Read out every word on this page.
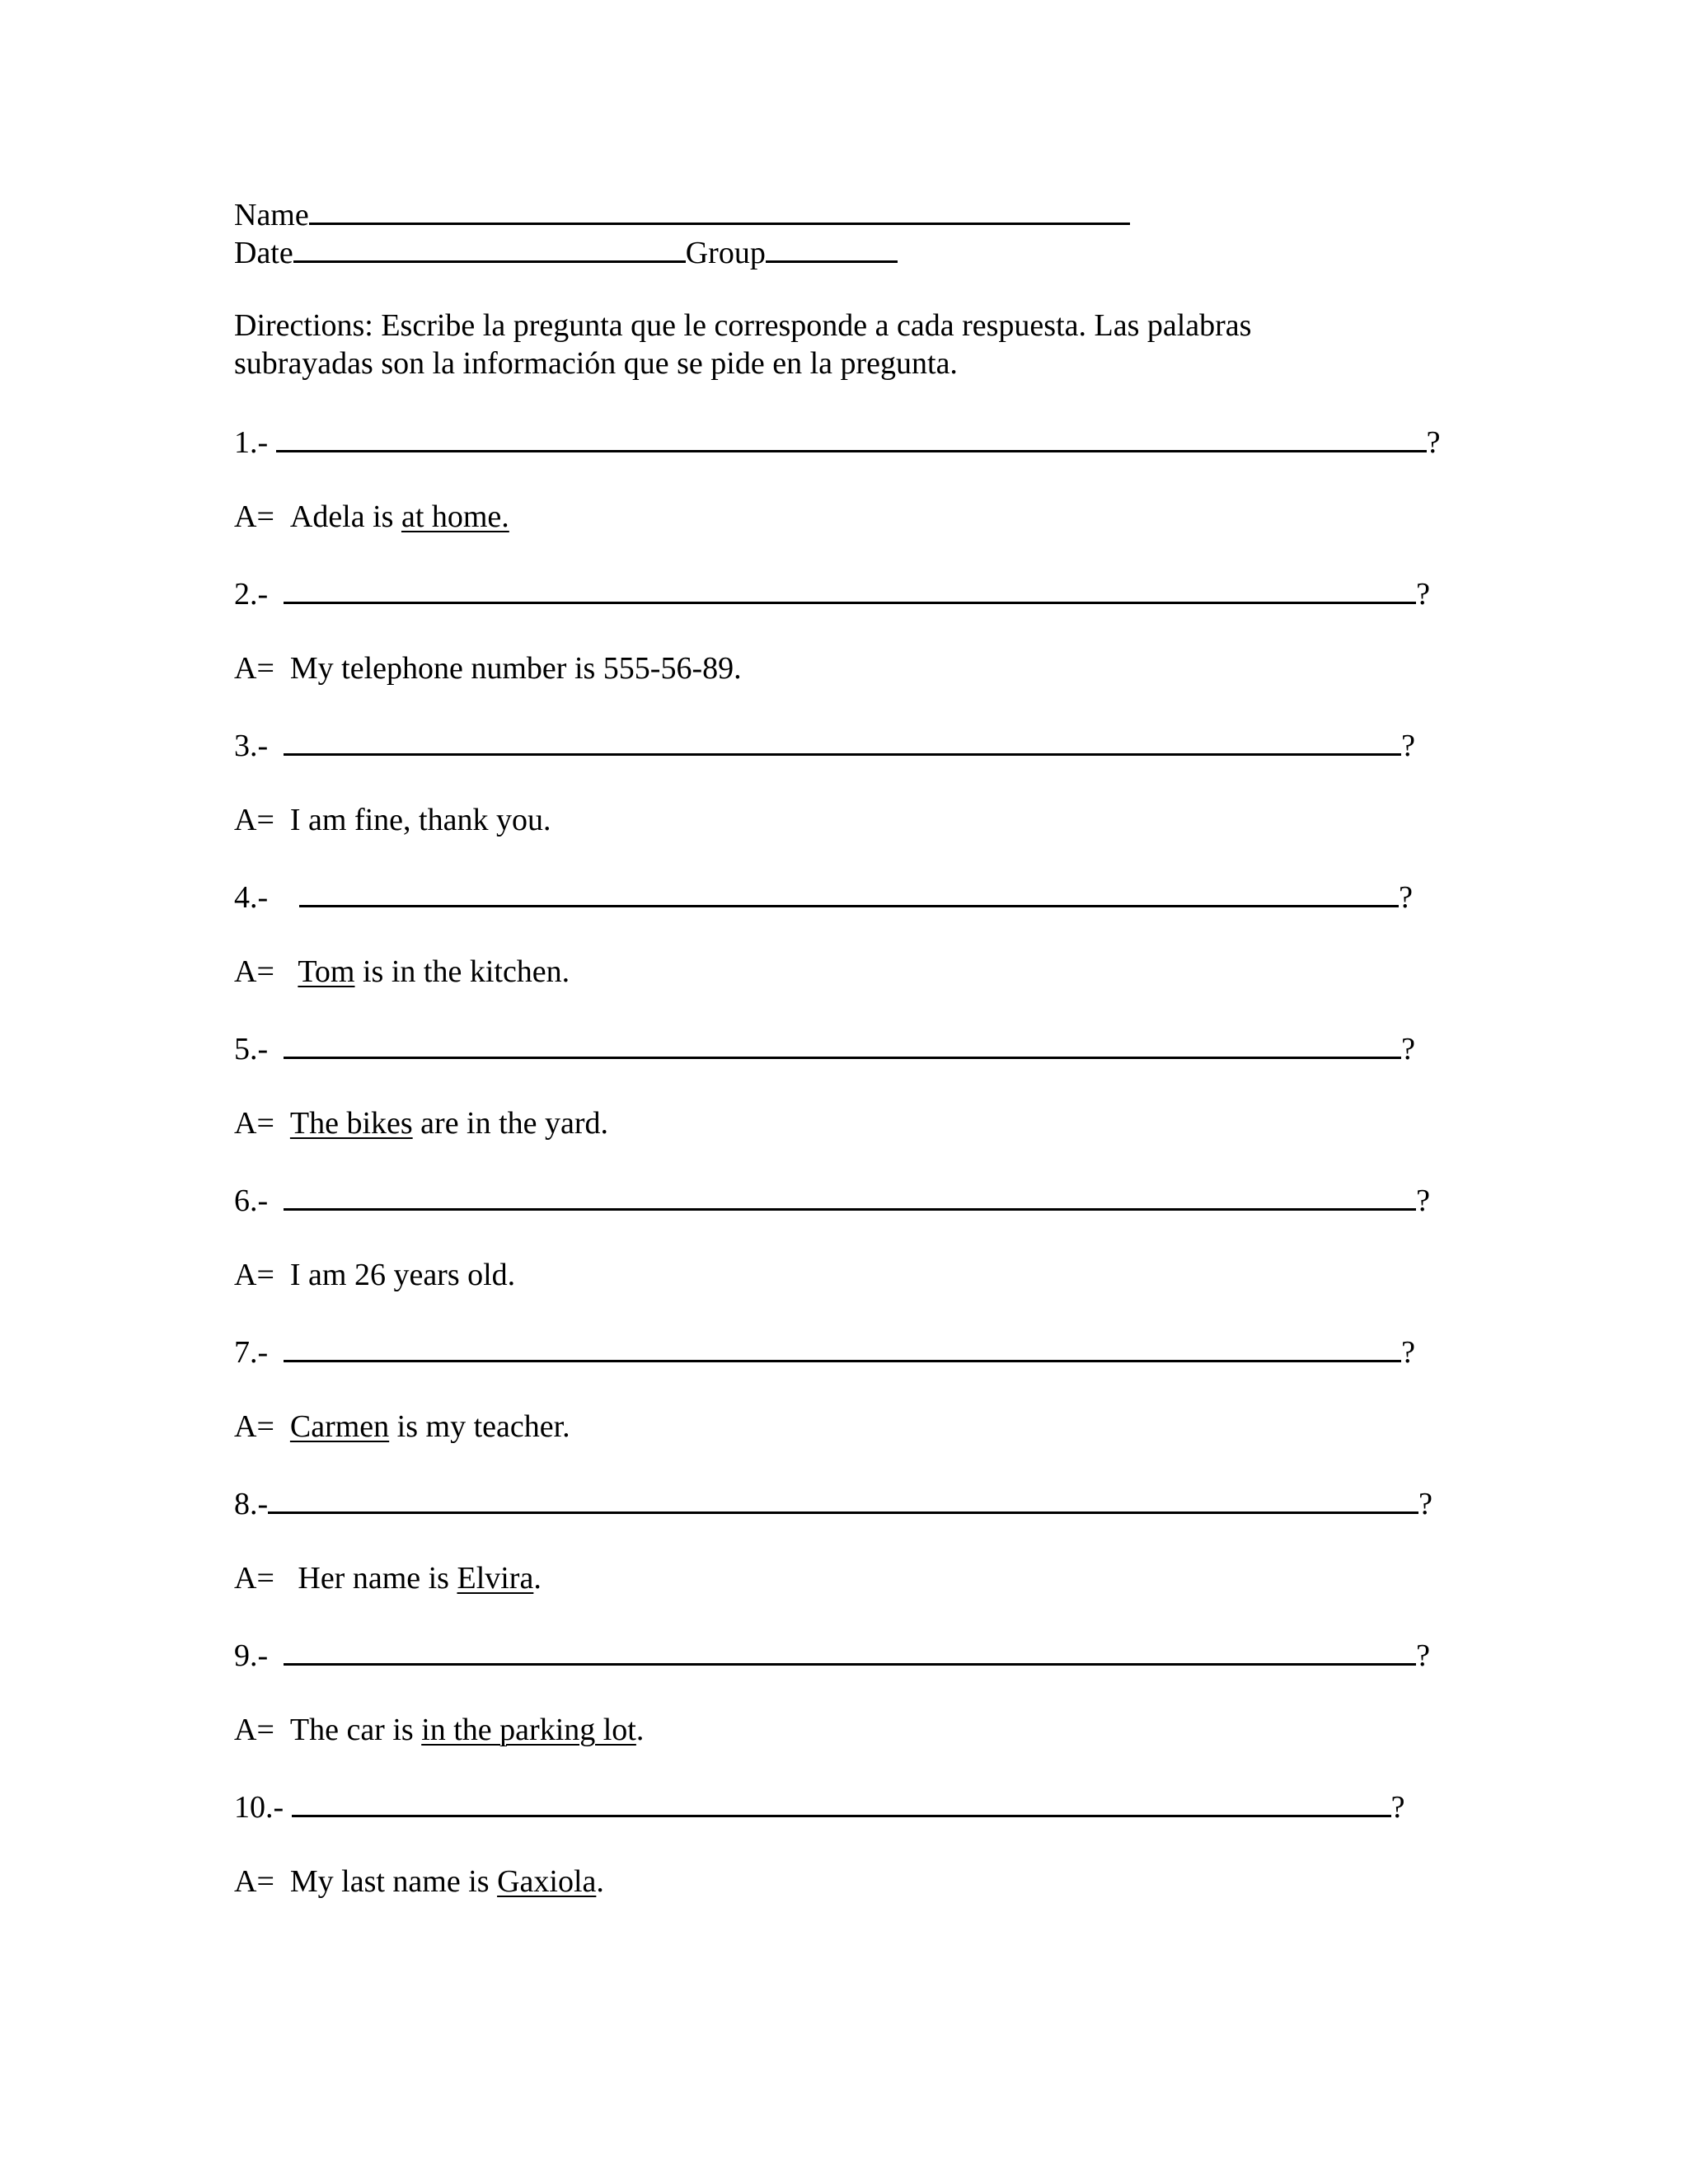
Name
Date	Group
Directions: Escribe la pregunta que le corresponde a cada respuesta. Las palabras
subrayadas son la información que se pide en la pregunta.
1.-	?
A= Adela is at home.
2.-	?
A= My telephone number is 555-56-89.
3.-	?
A= I am fine, thank you.
4.-	?
A= Tom is in the kitchen.
5.-	?
A= The bikes are in the yard.
6.-	?
A= I am 26 years old.
7.-	?
A= Carmen is my teacher.
8.-	?
A= Her name is Elvira.
9.-	?
A= The car is in the parking lot.
10.-	?
A= My last name is Gaxiola.
